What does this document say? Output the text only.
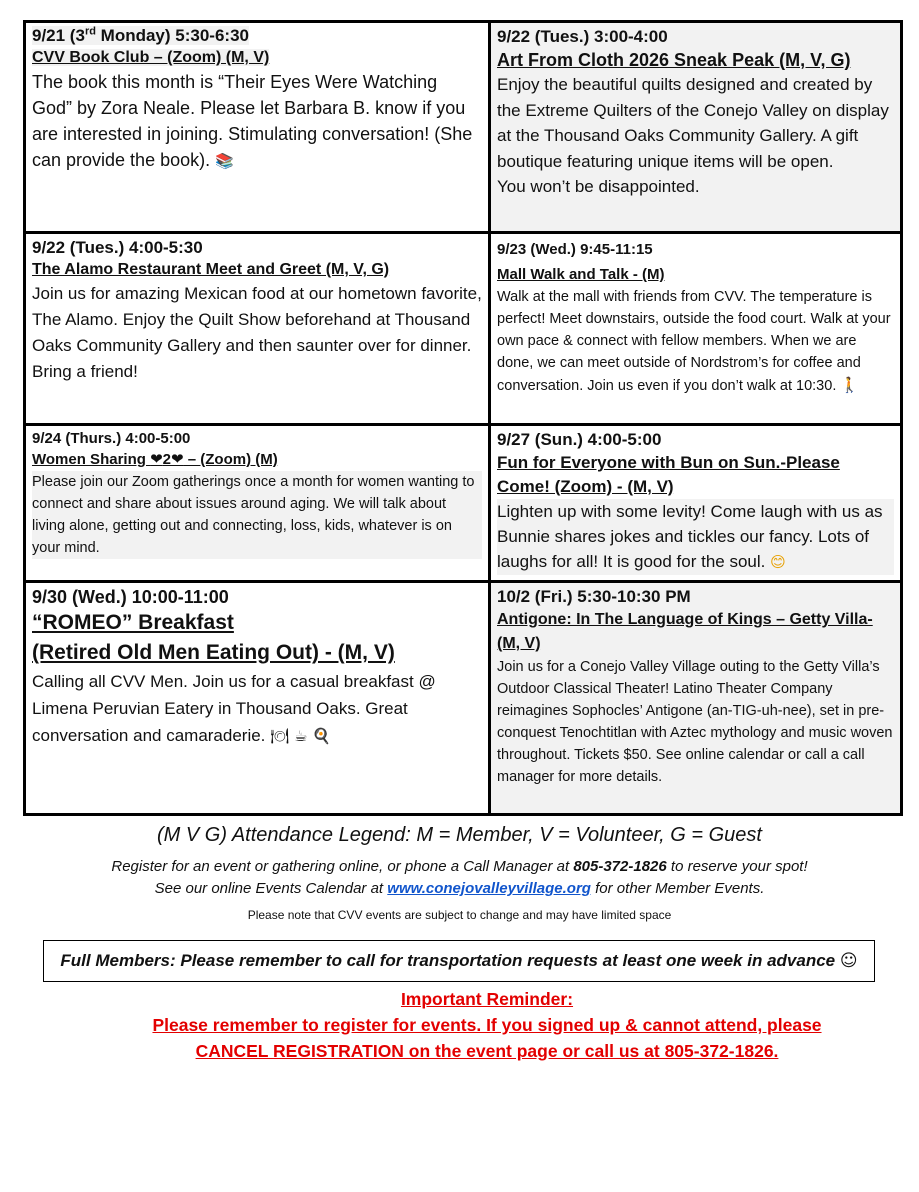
9/21 (3rd Monday) 5:30-6:30
CVV Book Club – (Zoom) (M, V)
The book this month is “Their Eyes Were Watching God” by Zora Neale. Please let Barbara B. know if you are interested in joining. Stimulating conversation! (She can provide the book). 📚
9/22 (Tues.) 3:00-4:00
Art From Cloth 2026 Sneak Peak (M, V, G)
Enjoy the beautiful quilts designed and created by the Extreme Quilters of the Conejo Valley on display at the Thousand Oaks Community Gallery. A gift boutique featuring unique items will be open.
You won’t be disappointed.
9/22 (Tues.) 4:00-5:30
The Alamo Restaurant Meet and Greet (M, V, G)
Join us for amazing Mexican food at our hometown favorite, The Alamo. Enjoy the Quilt Show beforehand at Thousand Oaks Community Gallery and then saunter over for dinner. Bring a friend!
9/23 (Wed.) 9:45-11:15
Mall Walk and Talk - (M)
Walk at the mall with friends from CVV. The temperature is perfect! Meet downstairs, outside the food court. Walk at your own pace & connect with fellow members. When we are done, we can meet outside of Nordstrom’s for coffee and conversation. Join us even if you don’t walk at 10:30. 🚶
9/24 (Thurs.) 4:00-5:00
Women Sharing ❤2❤ – (Zoom) (M)
Please join our Zoom gatherings once a month for women wanting to connect and share about issues around aging. We will talk about living alone, getting out and connecting, loss, kids, whatever is on your mind.
9/27 (Sun.) 4:00-5:00
Fun for Everyone with Bun on Sun.-Please Come! (Zoom) - (M, V)
Lighten up with some levity! Come laugh with us as Bunnie shares jokes and tickles our fancy. Lots of laughs for all! It is good for the soul. 😊
9/30 (Wed.) 10:00-11:00
“ROMEO” Breakfast
(Retired Old Men Eating Out) - (M, V)
Calling all CVV Men. Join us for a casual breakfast @ Limena Peruvian Eatery in Thousand Oaks. Great conversation and camaraderie. 🍽 ☕ 🍳
10/2 (Fri.) 5:30-10:30 PM
Antigone: In The Language of Kings – Getty Villa- (M, V)
Join us for a Conejo Valley Village outing to the Getty Villa’s Outdoor Classical Theater! Latino Theater Company reimagines Sophocles’ Antigone (an-TIG-uh-nee), set in pre-conquest Tenochtitlan with Aztec mythology and music woven throughout. Tickets $50. See online calendar or call a call manager for more details.
(M V G) Attendance Legend: M = Member, V = Volunteer, G = Guest
Register for an event or gathering online, or phone a Call Manager at 805-372-1826 to reserve your spot!
See our online Events Calendar at www.conejovalleyvillage.org for other Member Events.
Please note that CVV events are subject to change and may have limited space
Full Members: Please remember to call for transportation requests at least one week in advance ☺
Important Reminder:
Please remember to register for events. If you signed up & cannot attend, please
CANCEL REGISTRATION on the event page or call us at 805-372-1826.
